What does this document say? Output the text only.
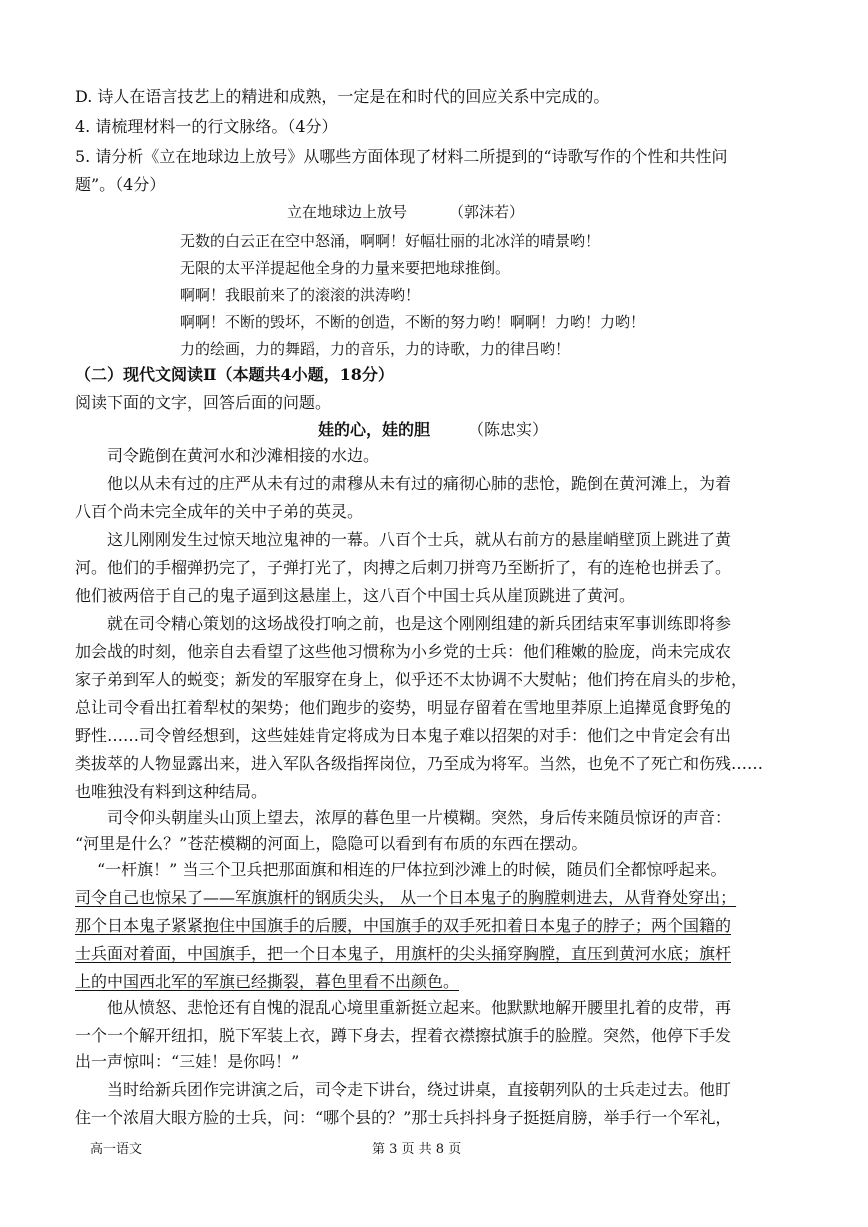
D. 诗人在语言技艺上的精进和成熟，一定是在和时代的回应关系中完成的。
4. 请梳理材料一的行文脉络。（4分）
5. 请分析《立在地球边上放号》从哪些方面体现了材料二所提到的“诗歌写作的个性和共性问
题”。（4分）
立在地球边上放号	（郭沫若）
无数的白云正在空中怒涌，啊啊！好幅壮丽的北冰洋的晴景哟！
无限的太平洋提起他全身的力量来要把地球推倒。
啊啊！我眼前来了的滚滚的洪涛哟！
啊啊！不断的毁坏，不断的创造，不断的努力哟！啊啊！力哟！力哟！
力的绘画，力的舞蹈，力的音乐，力的诗歌，力的律吕哟！
（二）现代文阅读Ⅱ（本题共4小题，18分）
阅读下面的文字，回答后面的问题。
娃的心，娃的胆 （陈忠实）
司令跪倒在黄河水和沙滩相接的水边。
他以从未有过的庄严从未有过的肃穆从未有过的痛彻心肺的悲怆，跪倒在黄河滩上，为着
八百个尚未完全成年的关中子弟的英灵。
这儿刚刚发生过惊天地泣鬼神的一幕。八百个士兵，就从右前方的悬崖峭壁顶上跳进了黄
河。他们的手榴弹扔完了，子弹打光了，肉搏之后刺刀拼弯乃至断折了，有的连枪也拼丢了。
他们被两倍于自己的鬼子逼到这悬崖上，这八百个中国士兵从崖顶跳进了黄河。
就在司令精心策划的这场战役打响之前，也是这个刚刚组建的新兵团结束军事训练即将参
加会战的时刻，他亲自去看望了这些他习惯称为小乡党的士兵：他们稚嫩的脸庞，尚未完成农
家子弟到军人的蜕变；新发的军服穿在身上，似乎还不太协调不大熨帖；他们挎在肩头的步枪，
总让司令看出扛着犁杖的架势；他们跑步的姿势，明显存留着在雪地里莽原上追撵觅食野兔的
野性……司令曾经想到，这些娃娃肯定将成为日本鬼子难以招架的对手：他们之中肯定会有出
类拔萃的人物显露出来，进入军队各级指挥岗位，乃至成为将军。当然，也免不了死亡和伤残……
也唯独没有料到这种结局。
司令仰头朝崖头山顶上望去，浓厚的暮色里一片模糊。突然，身后传来随员惊讶的声音：
“河里是什么？”苍茫模糊的河面上，隐隐可以看到有布质的东西在摆动。
“一杆旗！” 当三个卫兵把那面旗和相连的尸体拉到沙滩上的时候，随员们全都惊呼起来。
司令自己也惊呆了——军旗旗杆的钢质尖头， 从一个日本鬼子的胸膛刺进去，从背脊处穿出；
那个日本鬼子紧紧抱住中国旗手的后腰，中国旗手的双手死扣着日本鬼子的脖子；两个国籍的
士兵面对着面，中国旗手，把一个日本鬼子，用旗杆的尖头捅穿胸膛，直压到黄河水底；旗杆
上的中国西北军的军旗已经撕裂，暮色里看不出颜色。
他从愤怒、悲怆还有自愧的混乱心境里重新挺立起来。他默默地解开腰里扎着的皮带，再
一个一个解开纽扣，脱下军装上衣，蹲下身去，捏着衣襟擦拭旗手的脸膛。突然，他停下手发
出一声惊叫：“三娃！是你吗！”
当时给新兵团作完讲演之后，司令走下讲台，绕过讲桌，直接朝列队的士兵走过去。他盯
住一个浓眉大眼方脸的士兵，问：“哪个县的？”那士兵抖抖身子挺挺肩膀，举手行一个军礼，
高一语文	第 3 页 共 8 页
